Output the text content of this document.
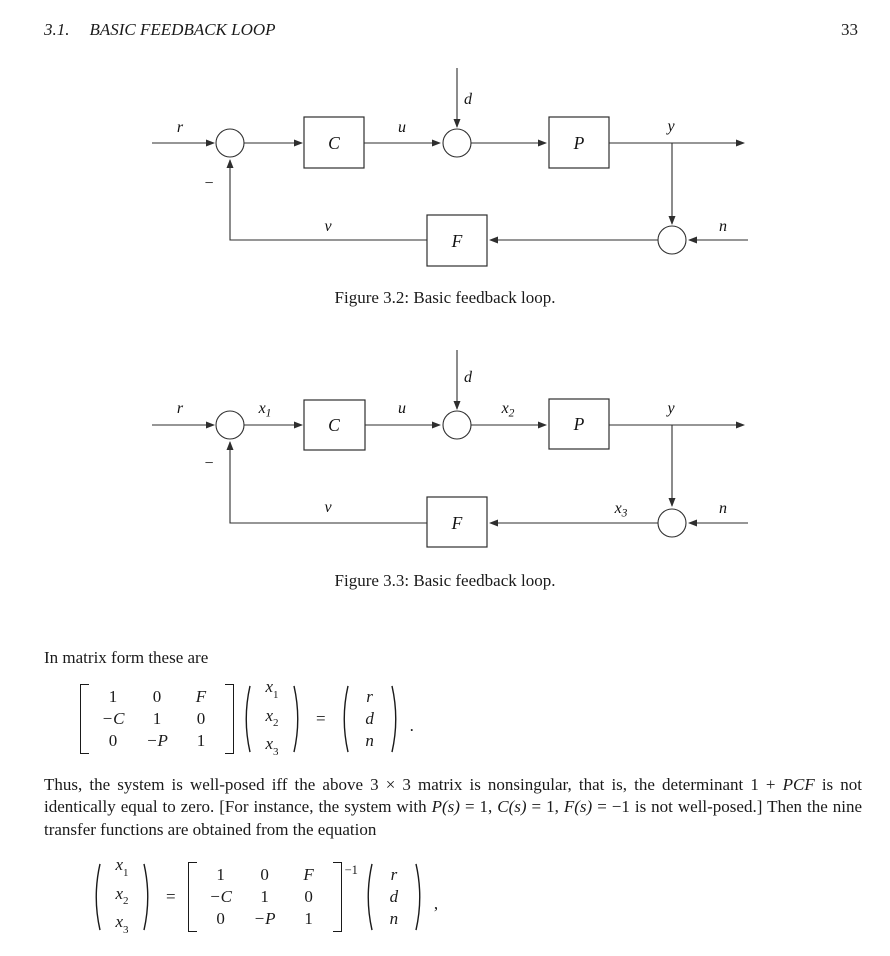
3.1. BASIC FEEDBACK LOOP	33
C	P
F
r	u
d
y
n
v
−
Figure 3.2: Basic feedback loop.
C	P
F
r	$x_1$	u
d
$x_2$	y
$x_3$	n
v
−
Figure 3.3: Basic feedback loop.
In matrix form these are
1	0	F
−C	1	0
0	−P	1
$x_1$
$x_2$
$x_3$
=
r
d
n
.
Thus, the system is well-posed iff the above 3 × 3 matrix is nonsingular, that is, the determinant 1 + PCF is not identically equal to zero. [For instance, the system with P(s) = 1, C(s) = 1, F(s) = −1 is not well-posed.] Then the nine transfer functions are obtained from the equation
$x_1$
$x_2$
$x_3$
=
1	0	F
−C	1	0
0	−P	1
−1	r
d
n
,
